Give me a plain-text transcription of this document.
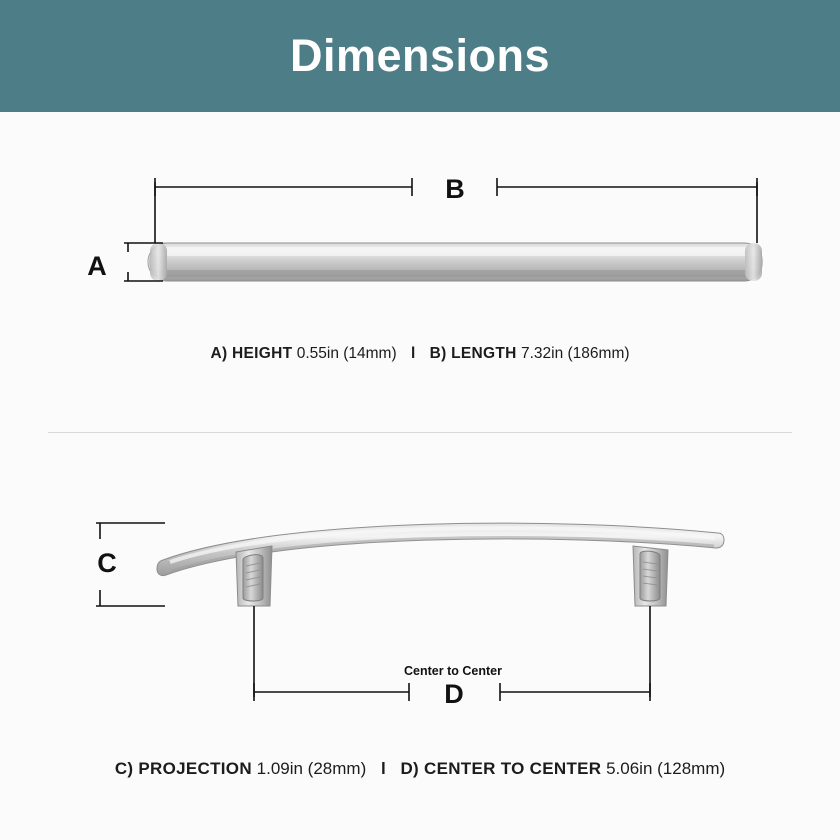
Dimensions
B
A
C
Center to Center
D
A) HEIGHT 0.55in (14mm) l B) LENGTH 7.32in (186mm)
C) PROJECTION 1.09in (28mm) l D) CENTER TO CENTER 5.06in (128mm)
